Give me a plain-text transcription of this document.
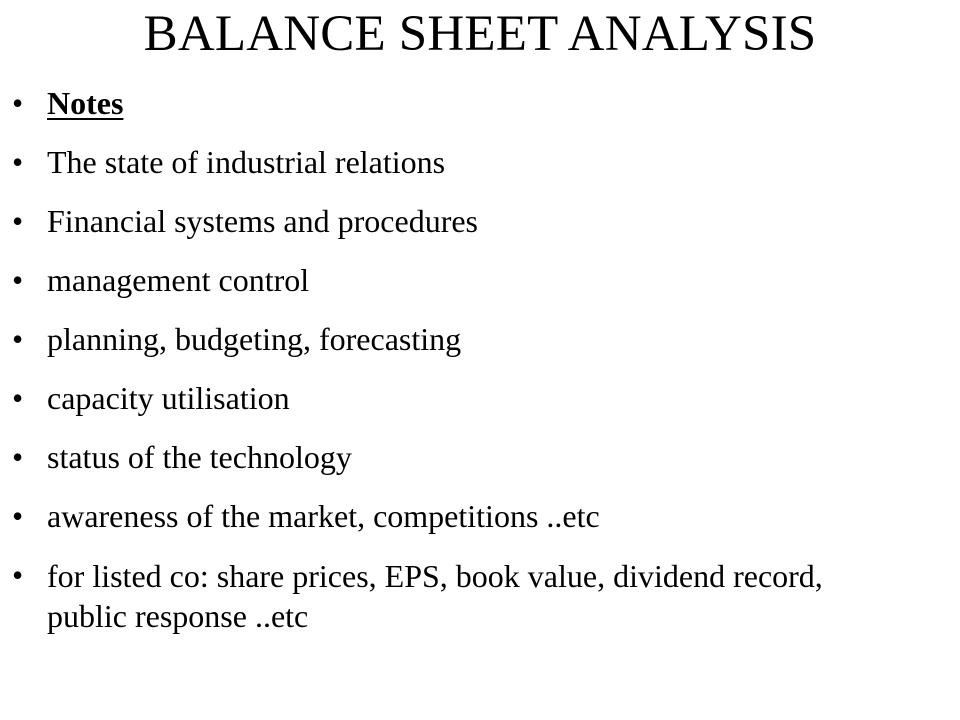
BALANCE SHEET ANALYSIS
• Notes
• The state of industrial relations
• Financial systems and procedures
• management control
• planning, budgeting, forecasting
• capacity utilisation
• status of the technology
• awareness of the market, competitions ..etc
• for listed co: share prices, EPS, book value, dividend record, public response ..etc
